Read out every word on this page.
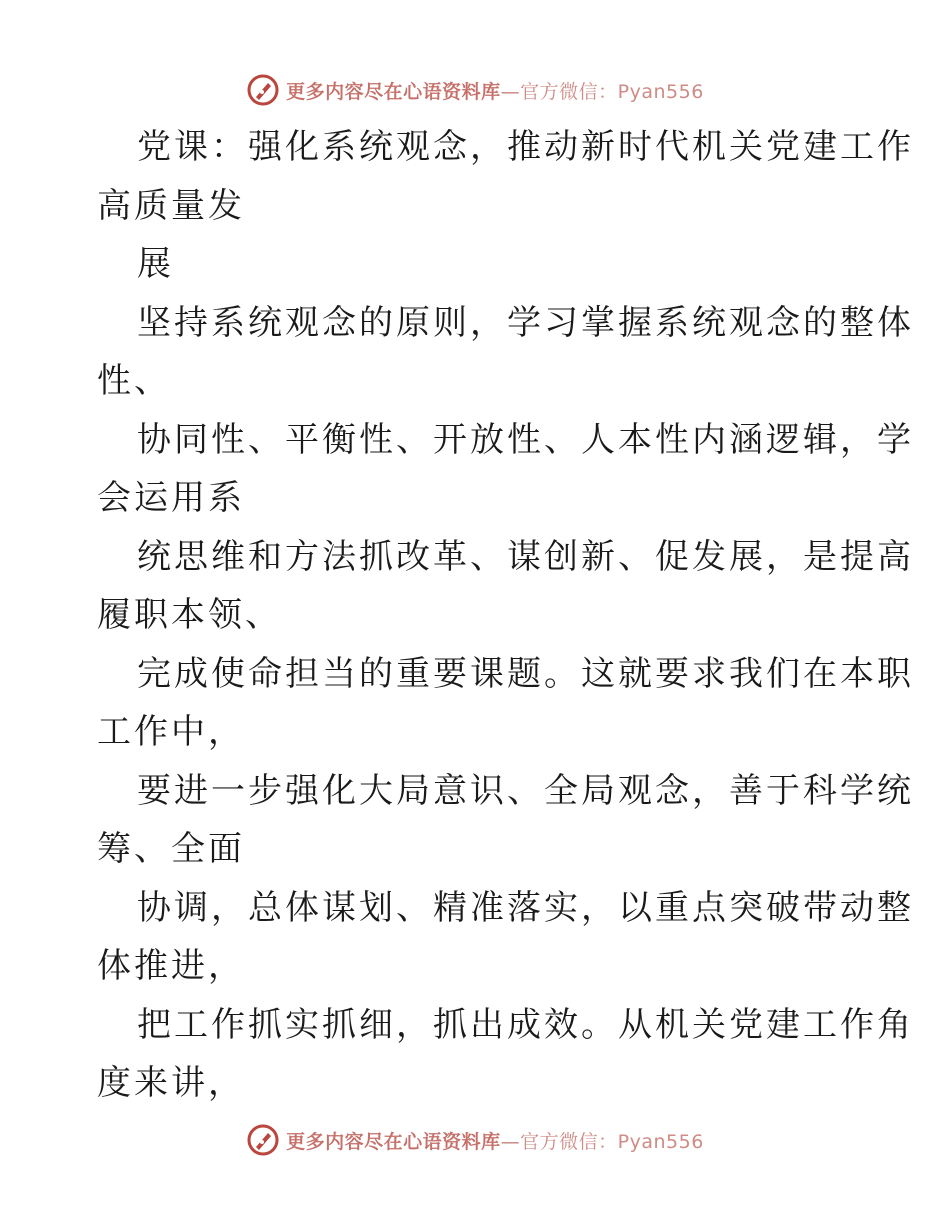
更多内容尽在心语资料库—官方微信：Pyan556
党课：强化系统观念，推动新时代机关党建工作
高质量发
展
坚持系统观念的原则，学习掌握系统观念的整体
性、
协同性、平衡性、开放性、人本性内涵逻辑，学
会运用系
统思维和方法抓改革、谋创新、促发展，是提高
履职本领、
完成使命担当的重要课题。这就要求我们在本职
工作中，
要进一步强化大局意识、全局观念，善于科学统
筹、全面
协调，总体谋划、精准落实，以重点突破带动整
体推进，
把工作抓实抓细，抓出成效。从机关党建工作角
度来讲，
更多内容尽在心语资料库—官方微信：Pyan556
